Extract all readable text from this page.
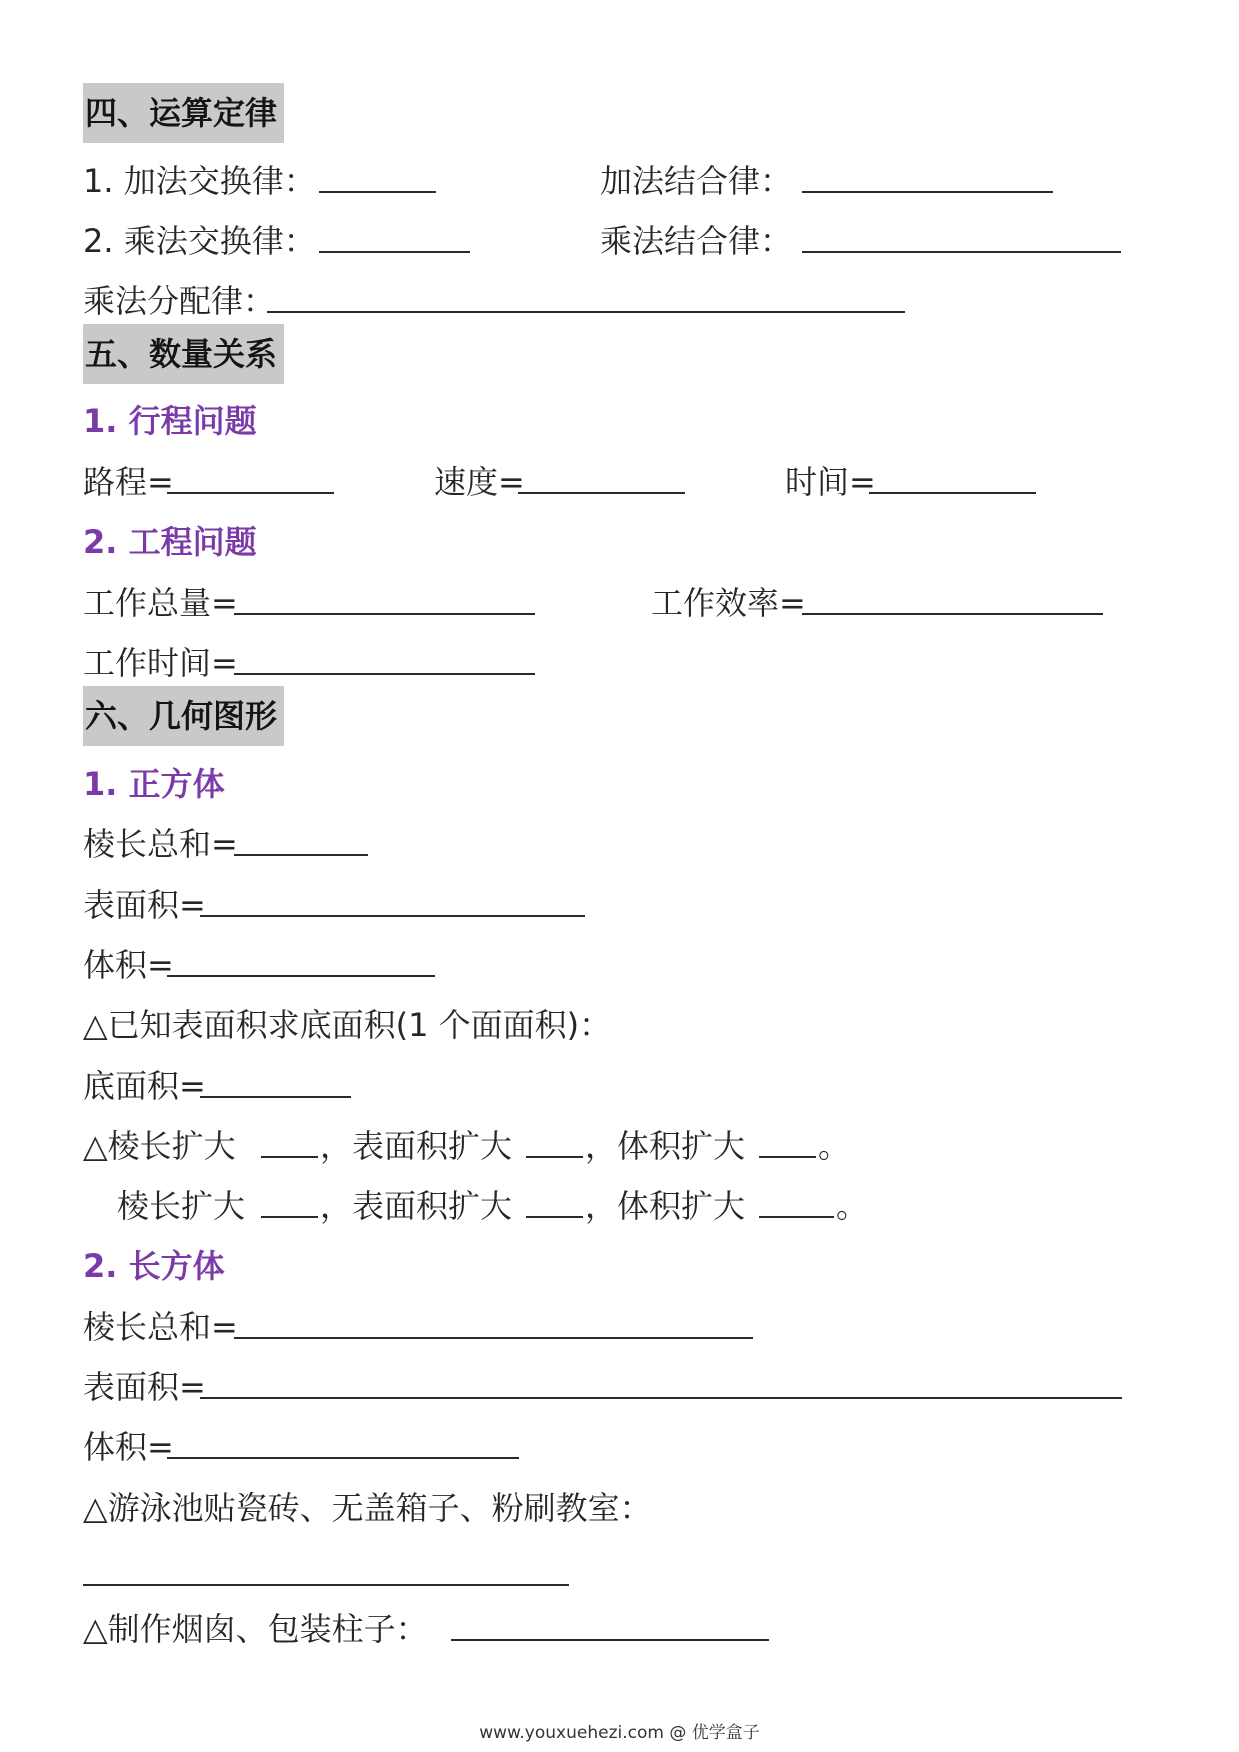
四、运算定律
1. 加法交换律：	加法结合律：
2. 乘法交换律：	乘法结合律：
乘法分配律：
五、数量关系
1. 行程问题
路程=	速度=	时间=
2. 工程问题
工作总量=	工作效率=
工作时间=
六、几何图形
1. 正方体
棱长总和=
表面积=
体积=
△已知表面积求底面积(1 个面面积)：
底面积=
△棱长扩大	，表面积扩大 ，体积扩大 。
棱长扩大 ，表面积扩大 ，体积扩大	。
2. 长方体
棱长总和=
表面积=
体积=
△游泳池贴瓷砖、无盖箱子、粉刷教室：
△制作烟囱、包装柱子：
www.youxuehezi.com @ 优学盒子
